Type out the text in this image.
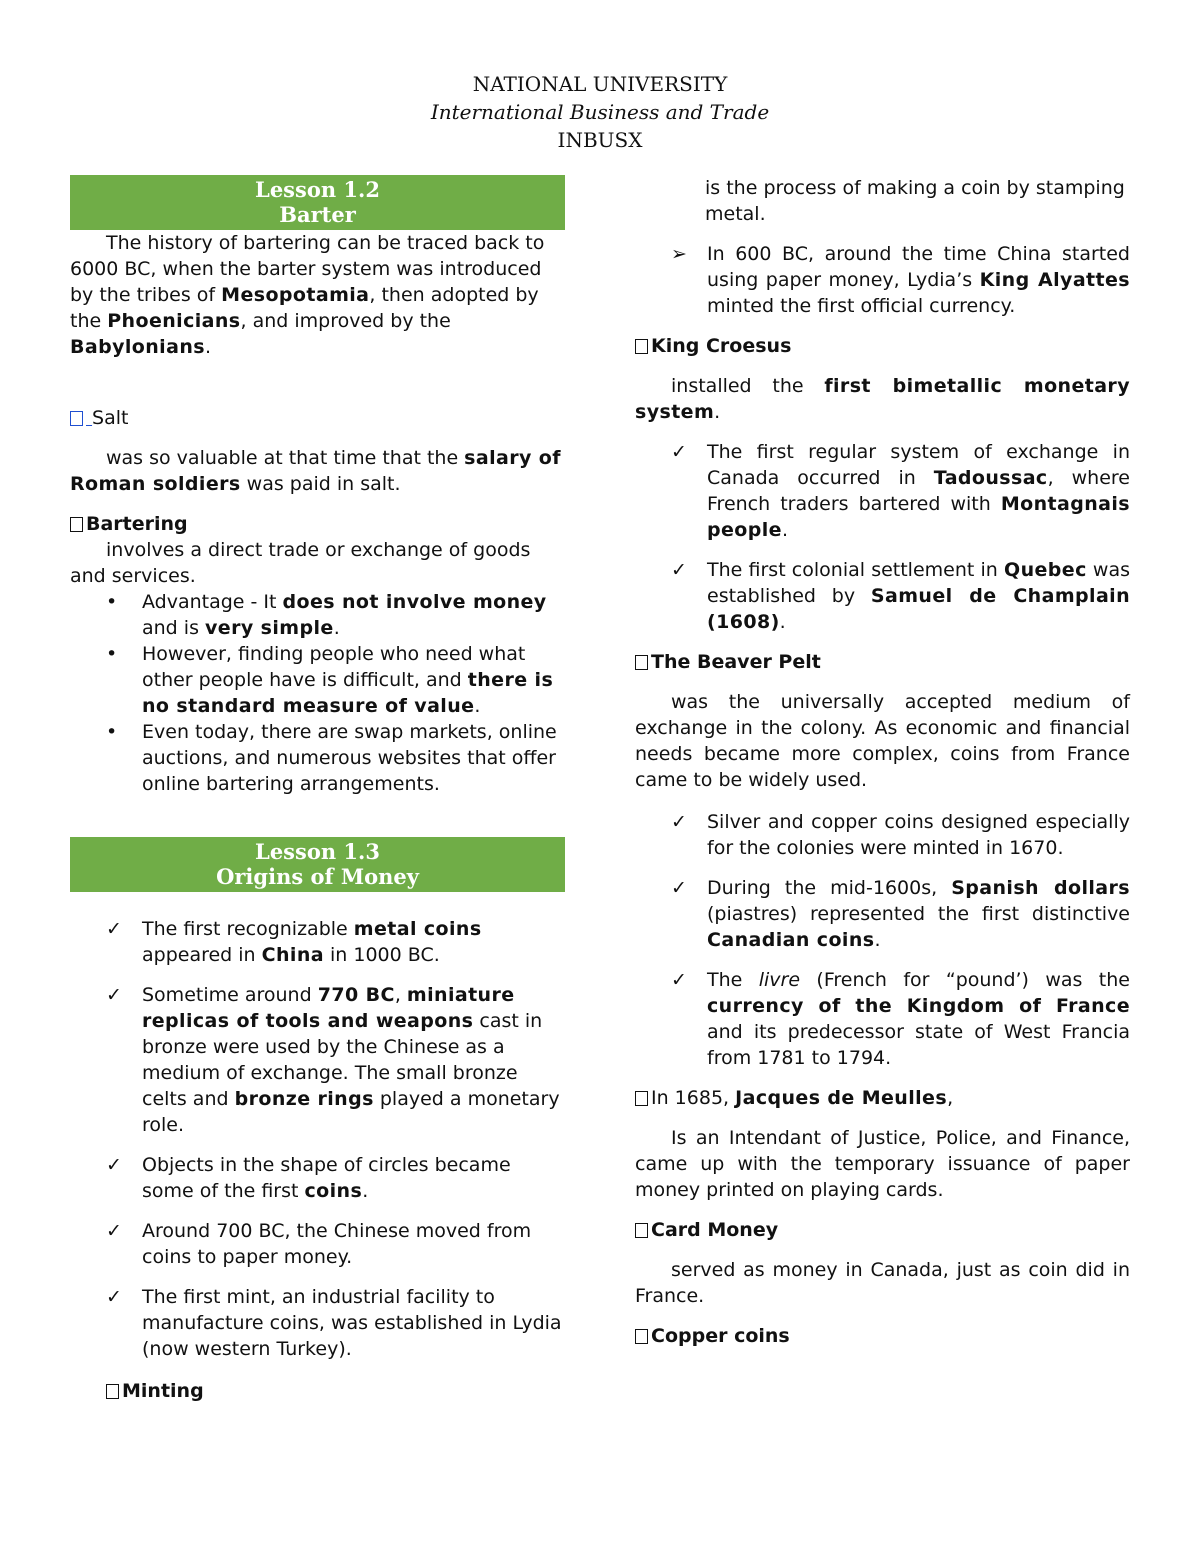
NATIONAL UNIVERSITY
International Business and Trade
INBUSX
Lesson 1.2
Barter

The history of bartering can be traced back to 6000 BC, when the barter system was introduced by the tribes of Mesopotamia, then adopted by the Phoenicians, and improved by the Babylonians.

Salt

was so valuable at that time that the salary of Roman soldiers was paid in salt.

Bartering

involves a direct trade or exchange of goods and services.

•	Advantage - It does not involve money and is very simple.
•	However, finding people who need what other people have is difficult, and there is no standard measure of value.
•	Even today, there are swap markets, online auctions, and numerous websites that offer online bartering arrangements.
Lesson 1.3
Origins of Money
✓	The first recognizable metal coins appeared in China in 1000 BC.
✓	Sometime around 770 BC, miniature replicas of tools and weapons cast in bronze were used by the Chinese as a medium of exchange. The small bronze celts and bronze rings played a monetary role.
✓	Objects in the shape of circles became some of the first coins.
✓	Around 700 BC, the Chinese moved from coins to paper money.
✓	The first mint, an industrial facility to manufacture coins, was established in Lydia (now western Turkey).

Minting

is the process of making a coin by stamping metal.

➢	In 600 BC, around the time China started using paper money, Lydia’s King Alyattes minted the first official currency.

King Croesus

installed the first bimetallic monetary system.

✓	The first regular system of exchange in Canada occurred in Tadoussac, where French traders bartered with Montagnais people.
✓	The first colonial settlement in Quebec was established by Samuel de Champlain (1608).

The Beaver Pelt

was the universally accepted medium of exchange in the colony. As economic and financial needs became more complex, coins from France came to be widely used.

✓	Silver and copper coins designed especially for the colonies were minted in 1670.
✓	During the mid-1600s, Spanish dollars (piastres) represented the first distinctive Canadian coins.
✓	The livre (French for “pound’) was the currency of the Kingdom of France and its predecessor state of West Francia from 1781 to 1794.

In 1685, Jacques de Meulles,

Is an Intendant of Justice, Police, and Finance, came up with the temporary issuance of paper money printed on playing cards.

Card Money

served as money in Canada, just as coin did in France.

Copper coins
